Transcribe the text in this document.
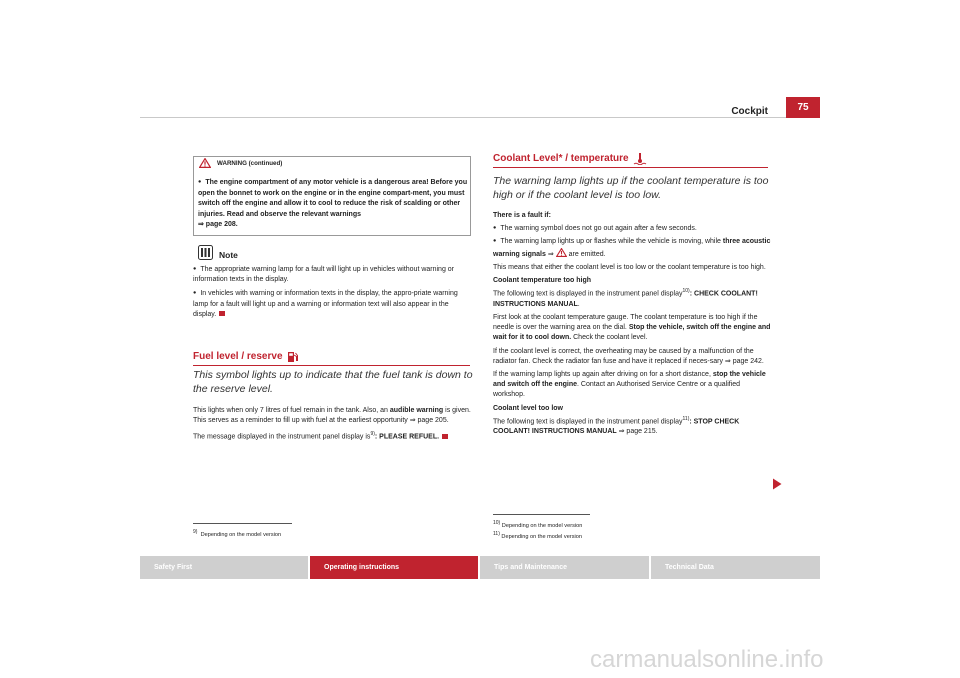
Cockpit	75
WARNING (continued)
● The engine compartment of any motor vehicle is a dangerous area! Before you open the bonnet to work on the engine or in the engine compart-ment, you must switch off the engine and allow it to cool to reduce the risk of scalding or other injuries. Read and observe the relevant warnings
⇒ page 208.
Note
● The appropriate warning lamp for a fault will light up in vehicles without warning or information texts in the display.
● In vehicles with warning or information texts in the display, the appro-priate warning lamp for a fault will light up and a warning or information text will also appear in the display.
Fuel level / reserve
This symbol lights up to indicate that the fuel tank is down to the reserve level.
This lights when only 7 litres of fuel remain in the tank. Also, an audible warning is given. This serves as a reminder to fill up with fuel at the earliest opportunity ⇒ page 205.
The message displayed in the instrument panel display $is^{9)}$: PLEASE REFUEL.
$^{9)}$ Depending on the model version
Coolant Level* / temperature
The warning lamp lights up if the coolant temperature is too high or if the coolant level is too low.
There is a fault if:
● The warning symbol does not go out again after a few seconds.
● The warning lamp lights up or flashes while the vehicle is moving, while three acoustic warning signals ⇒ are emitted.
This means that either the coolant level is too low or the coolant temperature is too high.
Coolant temperature too high
The following text is displayed in the instrument panel display$^{10)}$: CHECK COOLANT! INSTRUCTIONS MANUAL.
First look at the coolant temperature gauge. The coolant temperature is too high if the needle is over the warning area on the dial. Stop the vehicle, switch off the engine and wait for it to cool down. Check the coolant level.
If the coolant level is correct, the overheating may be caused by a malfunction of the radiator fan. Check the radiator fan fuse and have it replaced if neces-sary ⇒ page 242.
If the warning lamp lights up again after driving on for a short distance, stop the vehicle and switch off the engine. Contact an Authorised Service Centre or a qualified workshop.
Coolant level too low
The following text is displayed in the instrument panel display$^{11)}$: STOP CHECK COOLANT! INSTRUCTIONS MANUAL ⇒ page 215.
$^{10)}$ Depending on the model version
$^{11)}$ Depending on the model version
Safety First	Operating instructions	Tips and Maintenance	Technical Data
carmanualsonline.info
